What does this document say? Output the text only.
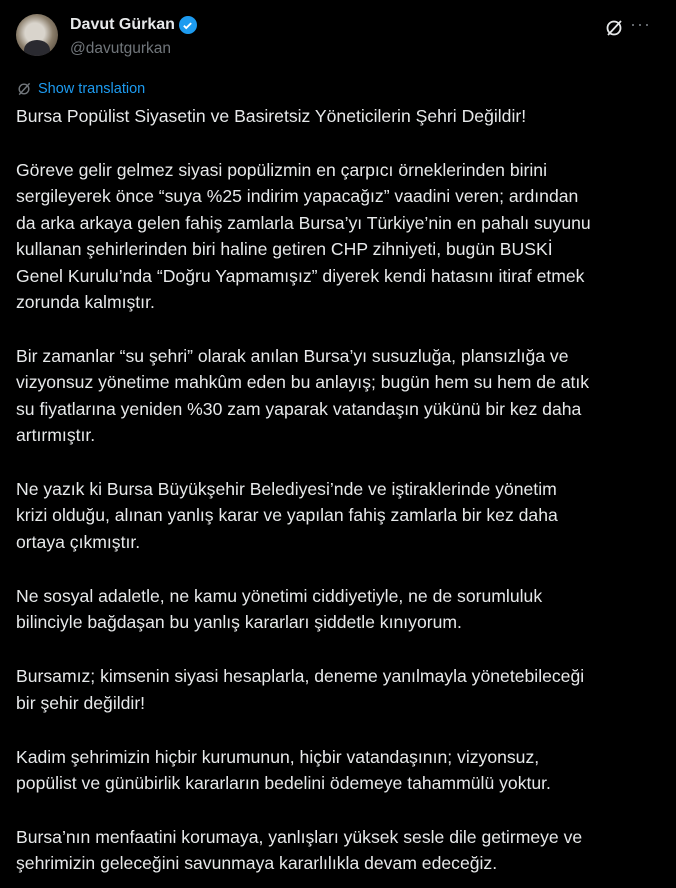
Davut Gürkan
@davutgurkan
···
Show translation
Bursa Popülist Siyasetin ve Basiretsiz Yöneticilerin Şehri Değildir!
Göreve gelir gelmez siyasi popülizmin en çarpıcı örneklerinden birini
sergileyerek önce “suya %25 indirim yapacağız” vaadini veren; ardından
da arka arkaya gelen fahiş zamlarla Bursa’yı Türkiye’nin en pahalı suyunu
kullanan şehirlerinden biri haline getiren CHP zihniyeti, bugün BUSKİ
Genel Kurulu’nda “Doğru Yapmamışız” diyerek kendi hatasını itiraf etmek
zorunda kalmıştır.
Bir zamanlar “su şehri” olarak anılan Bursa’yı susuzluğa, plansızlığa ve
vizyonsuz yönetime mahkûm eden bu anlayış; bugün hem su hem de atık
su fiyatlarına yeniden %30 zam yaparak vatandaşın yükünü bir kez daha
artırmıştır.
Ne yazık ki Bursa Büyükşehir Belediyesi’nde ve iştiraklerinde yönetim
krizi olduğu, alınan yanlış karar ve yapılan fahiş zamlarla bir kez daha
ortaya çıkmıştır.
Ne sosyal adaletle, ne kamu yönetimi ciddiyetiyle, ne de sorumluluk
bilinciyle bağdaşan bu yanlış kararları şiddetle kınıyorum.
Bursamız; kimsenin siyasi hesaplarla, deneme yanılmayla yönetebileceği
bir şehir değildir!
Kadim şehrimizin hiçbir kurumunun, hiçbir vatandaşının; vizyonsuz,
popülist ve günübirlik kararların bedelini ödemeye tahammülü yoktur.
Bursa’nın menfaatini korumaya, yanlışları yüksek sesle dile getirmeye ve
şehrimizin geleceğini savunmaya kararlılıkla devam edeceğiz.
